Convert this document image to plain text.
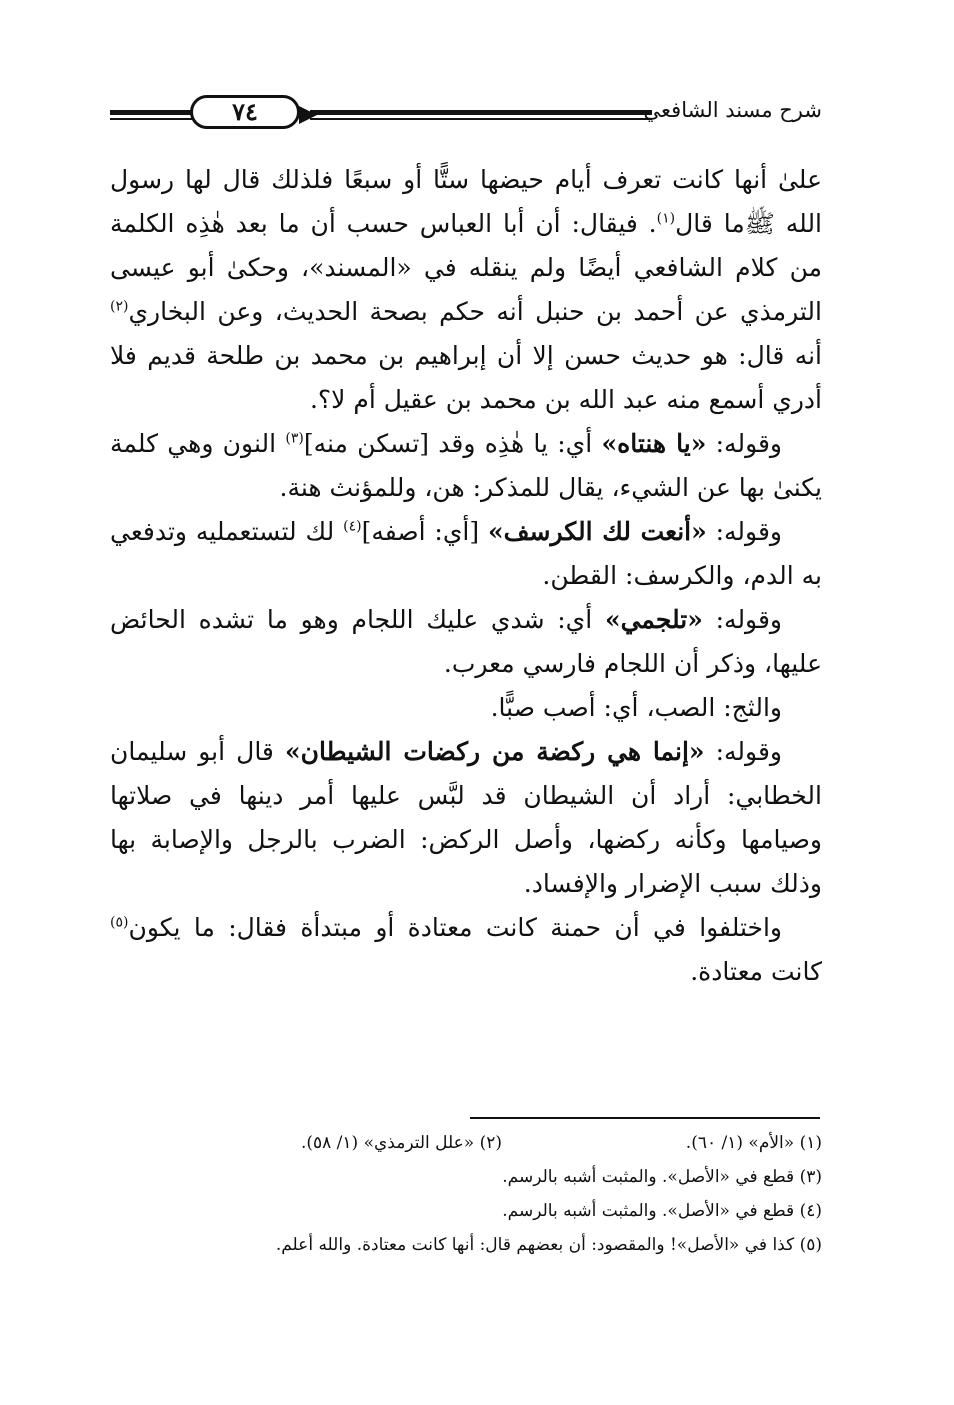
٧٤	شرح مسند الشافعي

علىٰ أنها كانت تعرف أيام حيضها ستًّا أو سبعًا فلذلك قال لها رسول الله ﷺما قال$^{(١)}$. فيقال: أن أبا العباس حسب أن ما بعد هٰذِه الكلمة من كلام الشافعي أيضًا ولم ينقله في «المسند»، وحكىٰ أبو عيسى الترمذي عن أحمد بن حنبل أنه حكم بصحة الحديث، وعن البخاري$^{(٢)}$ أنه قال: هو حديث حسن إلا أن إبراهيم بن محمد بن طلحة قديم فلا أدري أسمع منه عبد الله بن محمد بن عقيل أم لا؟.

وقوله: «يا هنتاه» أي: يا هٰذِه وقد [تسكن منه]$^{(٣)}$ النون وهي كلمة يكنىٰ بها عن الشيء، يقال للمذكر: هن، وللمؤنث هنة.

وقوله: «أنعت لك الكرسف» [أي: أصفه]$^{(٤)}$ لك لتستعمليه وتدفعي به الدم، والكرسف: القطن.

وقوله: «تلجمي» أي: شدي عليك اللجام وهو ما تشده الحائض عليها، وذكر أن اللجام فارسي معرب.

والثج: الصب، أي: أصب صبًّا.

وقوله: «إنما هي ركضة من ركضات الشيطان» قال أبو سليمان الخطابي: أراد أن الشيطان قد لبَّس عليها أمر دينها في صلاتها وصيامها وكأنه ركضها، وأصل الركض: الضرب بالرجل والإصابة بها وذلك سبب الإضرار والإفساد.

واختلفوا في أن حمنة كانت معتادة أو مبتدأة فقال: ما يكون$^{(٥)}$ كانت معتادة.

(١) «الأم» (١/ ٦٠).
(٢) «علل الترمذي» (١/ ٥٨).
(٣) قطع في «الأصل». والمثبت أشبه بالرسم.
(٤) قطع في «الأصل». والمثبت أشبه بالرسم.
(٥) كذا في «الأصل»! والمقصود: أن بعضهم قال: أنها كانت معتادة. والله أعلم.
